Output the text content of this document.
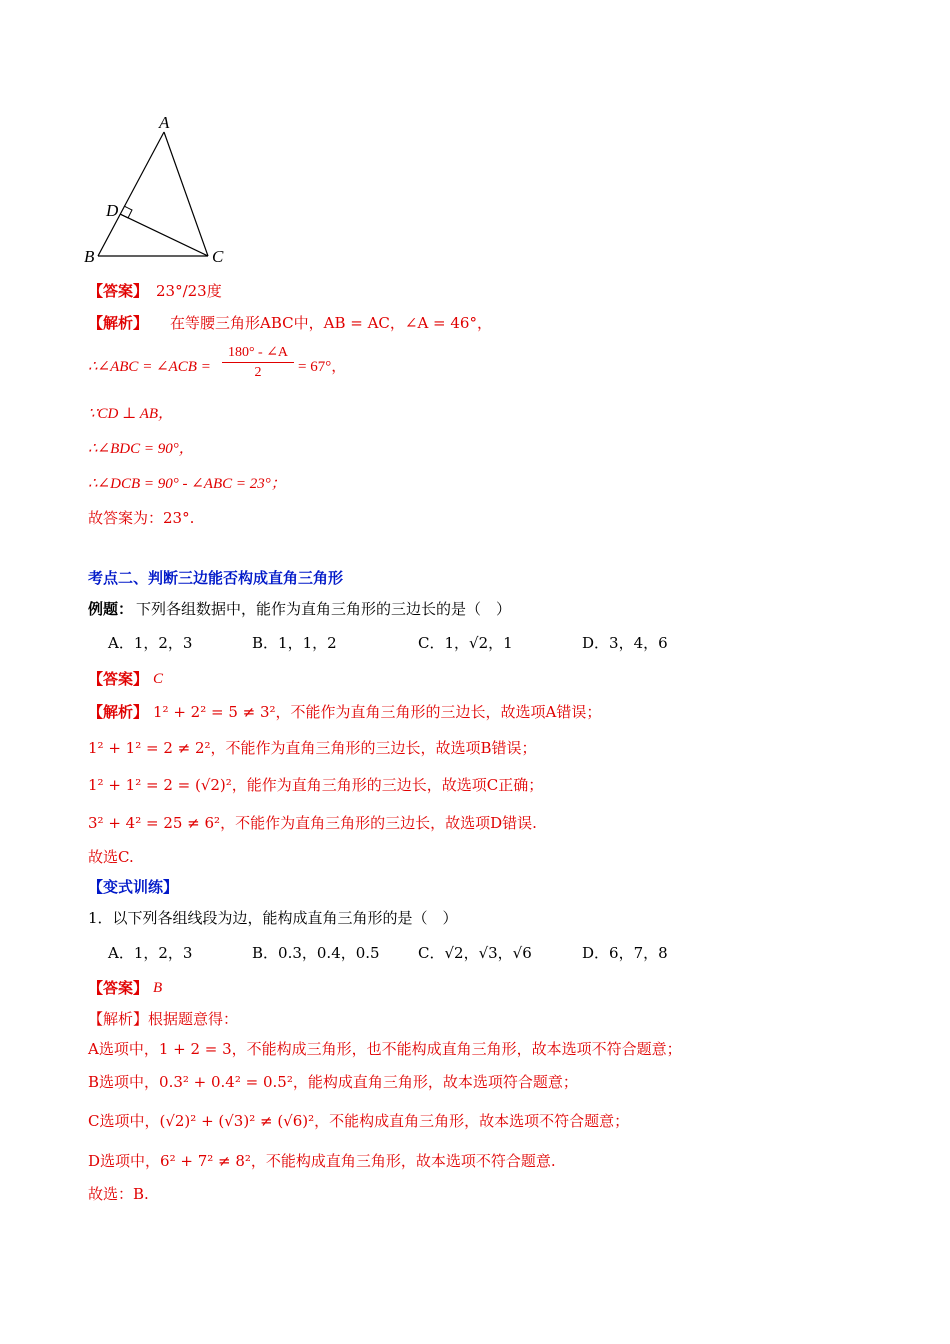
A
B	C
D
【答案】 23°/23度
【解析】 在等腰三角形ABC中，AB = AC，∠A = 46°，
∴∠ABC = ∠ACB = $\frac{180^\circ - \angle A}{2} = 67^\circ$，
∵CD ⊥ AB，
∴∠BDC = 90°，
∴∠DCB = 90° - ∠ABC = 23°；
故答案为：23°.
考点二、判断三边能否构成直角三角形
例题： 下列各组数据中，能作为直角三角形的三边长的是（　）
A．1，2，3	B．1，1，2	C．1，√2，1	D．3，4，6
【答案】 C
【解析】 1² + 2² = 5 ≠ 3²，不能作为直角三角形的三边长，故选项A错误；
1² + 1² = 2 ≠ 2²，不能作为直角三角形的三边长，故选项B错误；
1² + 1² = 2 = (√2)²，能作为直角三角形的三边长，故选项C正确；
3² + 4² = 25 ≠ 6²，不能作为直角三角形的三边长，故选项D错误.
故选C.
【变式训练】
1．以下列各组线段为边，能构成直角三角形的是（　）
A．1，2，3	B．0.3，0.4，0.5	C．√2，√3，√6	D．6，7，8
【答案】 B
【解析】根据题意得：
A选项中，1 + 2 = 3，不能构成三角形，也不能构成直角三角形，故本选项不符合题意；
B选项中，0.3² + 0.4² = 0.5²，能构成直角三角形，故本选项符合题意；
C选项中，(√2)² + (√3)² ≠ (√6)²，不能构成直角三角形，故本选项不符合题意；
D选项中，6² + 7² ≠ 8²，不能构成直角三角形，故本选项不符合题意.
故选：B.
